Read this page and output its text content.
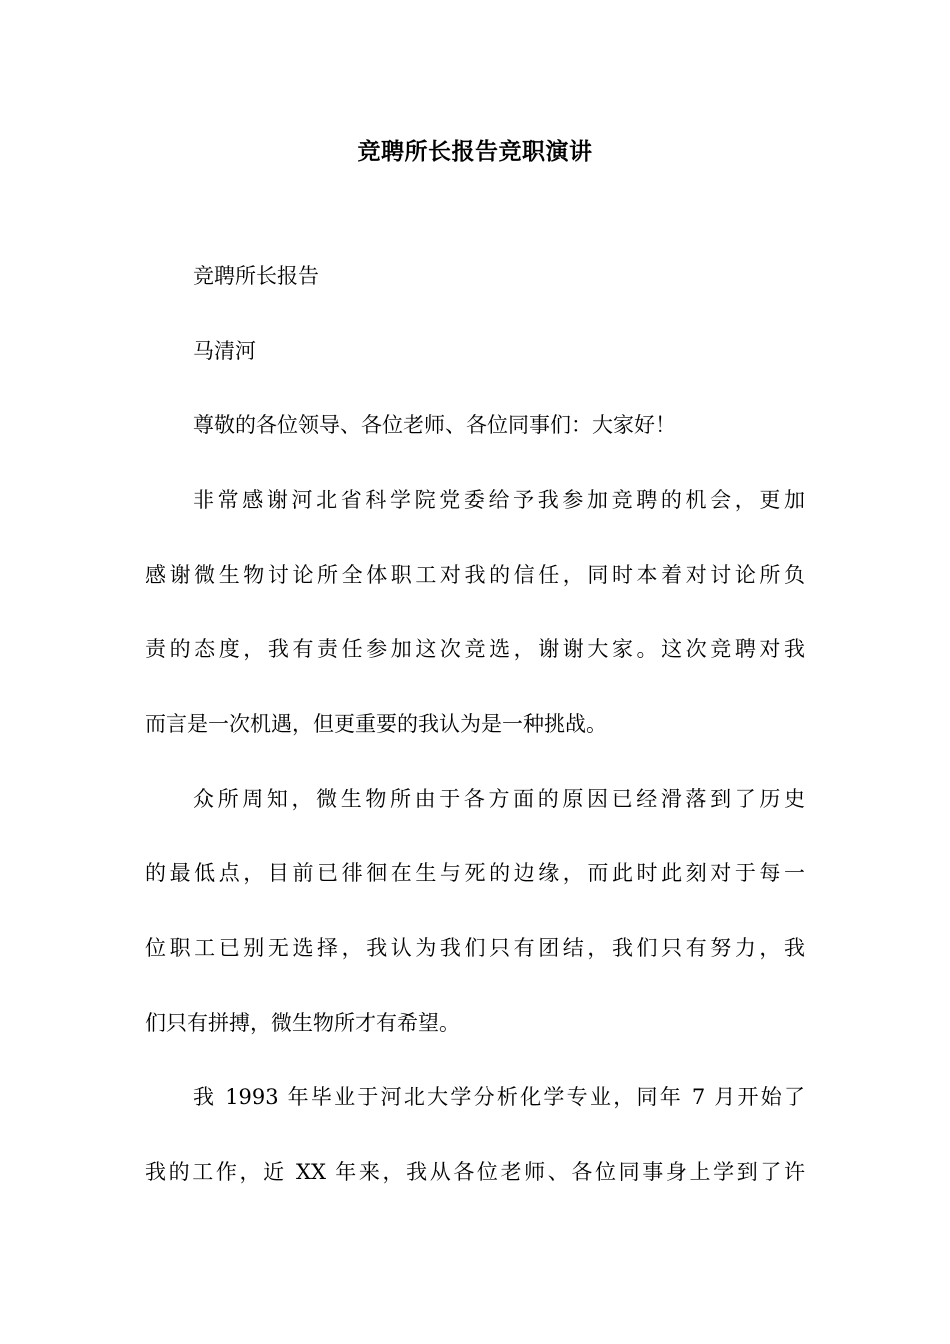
竞聘所长报告竞职演讲
竞聘所长报告
马清河
尊敬的各位领导、各位老师、各位同事们：大家好！
非常感谢河北省科学院党委给予我参加竞聘的机会，更加
感谢微生物讨论所全体职工对我的信任，同时本着对讨论所负
责的态度，我有责任参加这次竞选，谢谢大家。这次竞聘对我
而言是一次机遇，但更重要的我认为是一种挑战。
众所周知，微生物所由于各方面的原因已经滑落到了历史
的最低点，目前已徘徊在生与死的边缘，而此时此刻对于每一
位职工已别无选择，我认为我们只有团结，我们只有努力，我
们只有拼搏，微生物所才有希望。
我 1993 年毕业于河北大学分析化学专业，同年 7 月开始了
我的工作，近 XX 年来，我从各位老师、各位同事身上学到了许
